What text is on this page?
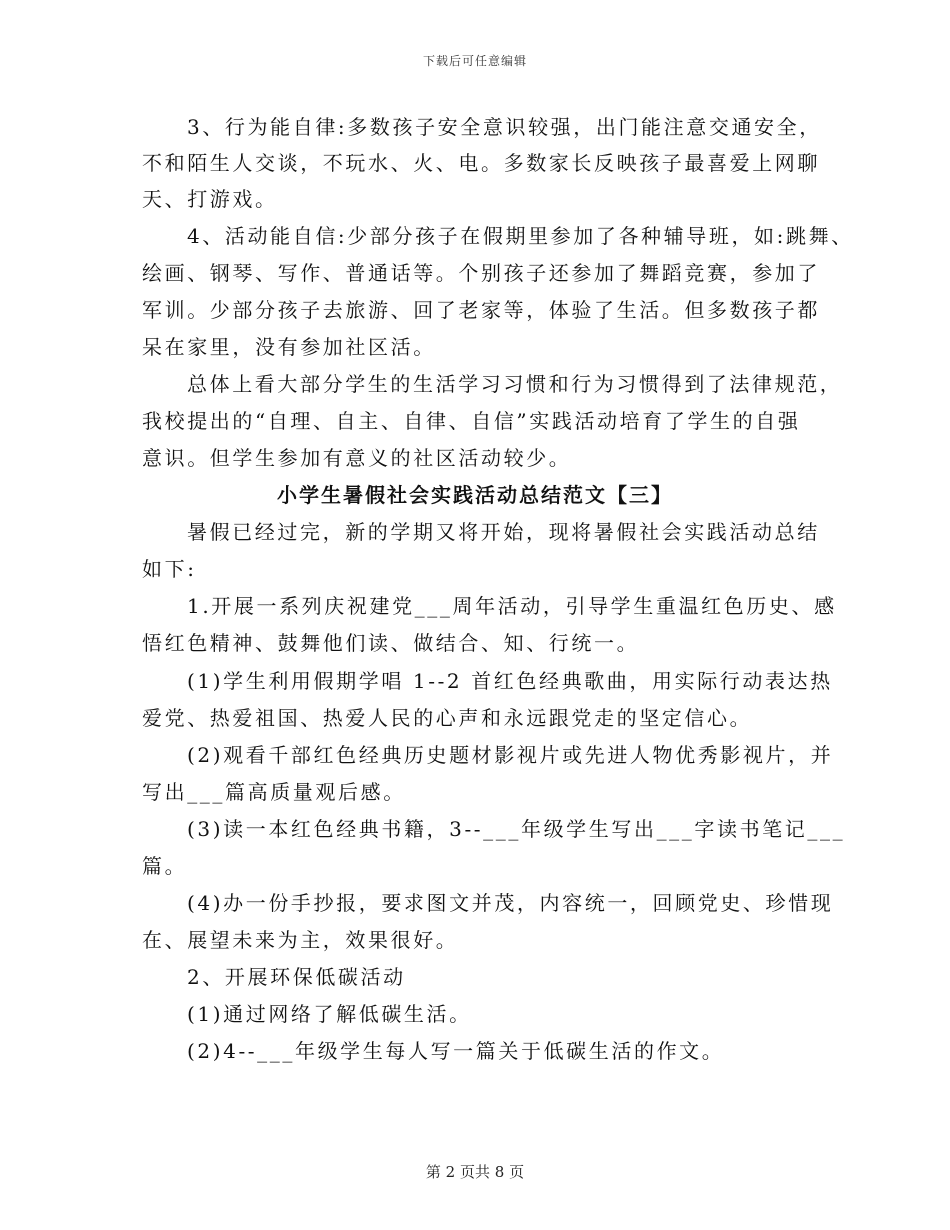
下载后可任意编辑
3、行为能自律:多数孩子安全意识较强，出门能注意交通安全，
不和陌生人交谈，不玩水、火、电。多数家长反映孩子最喜爱上网聊
天、打游戏。
4、活动能自信:少部分孩子在假期里参加了各种辅导班，如:跳舞、
绘画、钢琴、写作、普通话等。个别孩子还参加了舞蹈竞赛，参加了
军训。少部分孩子去旅游、回了老家等，体验了生活。但多数孩子都
呆在家里，没有参加社区活。
总体上看大部分学生的生活学习习惯和行为习惯得到了法律规范，
我校提出的“自理、自主、自律、自信”实践活动培育了学生的自强
意识。但学生参加有意义的社区活动较少。
小学生暑假社会实践活动总结范文【三】
暑假已经过完，新的学期又将开始，现将暑假社会实践活动总结
如下:
1.开展一系列庆祝建党___周年活动，引导学生重温红色历史、感
悟红色精神、鼓舞他们读、做结合、知、行统一。
(1)学生利用假期学唱 1--2 首红色经典歌曲，用实际行动表达热
爱党、热爱祖国、热爱人民的心声和永远跟党走的坚定信心。
(2)观看千部红色经典历史题材影视片或先进人物优秀影视片，并
写出___篇高质量观后感。
(3)读一本红色经典书籍，3--___年级学生写出___字读书笔记___
篇。
(4)办一份手抄报，要求图文并茂，内容统一，回顾党史、珍惜现
在、展望未来为主，效果很好。
2、开展环保低碳活动
(1)通过网络了解低碳生活。
(2)4--___年级学生每人写一篇关于低碳生活的作文。
第 2 页共 8 页
